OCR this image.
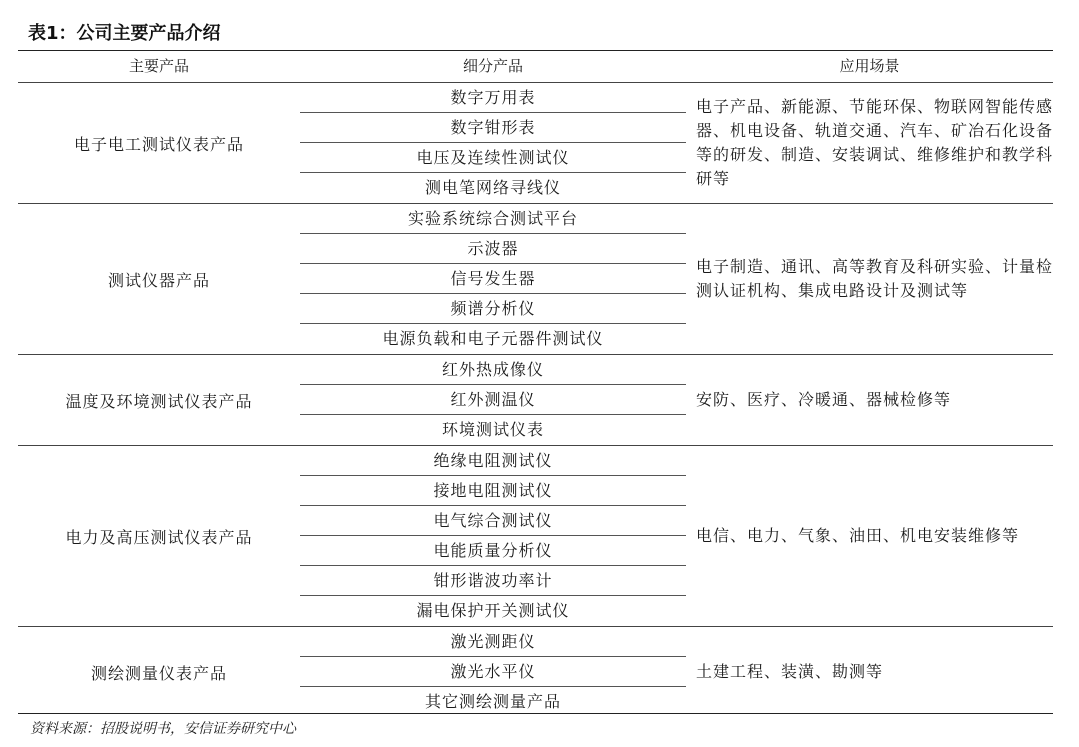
表1：公司主要产品介绍
主要产品	细分产品	应用场景
电子电工测试仪表产品
数字万用表
数字钳形表
电压及连续性测试仪
测电笔网络寻线仪
电子产品、新能源、节能环保、物联网智能传感器、机电设备、轨道交通、汽车、矿冶石化设备等的研发、制造、安装调试、维修维护和教学科研等
测试仪器产品
实验系统综合测试平台
示波器
信号发生器
频谱分析仪
电源负载和电子元器件测试仪
电子制造、通讯、高等教育及科研实验、计量检测认证机构、集成电路设计及测试等
温度及环境测试仪表产品
红外热成像仪
红外测温仪
环境测试仪表
安防、医疗、冷暖通、器械检修等
电力及高压测试仪表产品
绝缘电阻测试仪
接地电阻测试仪
电气综合测试仪
电能质量分析仪
钳形谐波功率计
漏电保护开关测试仪
电信、电力、气象、油田、机电安装维修等
测绘测量仪表产品
激光测距仪
激光水平仪
其它测绘测量产品
土建工程、装潢、勘测等
资料来源：招股说明书，安信证券研究中心
